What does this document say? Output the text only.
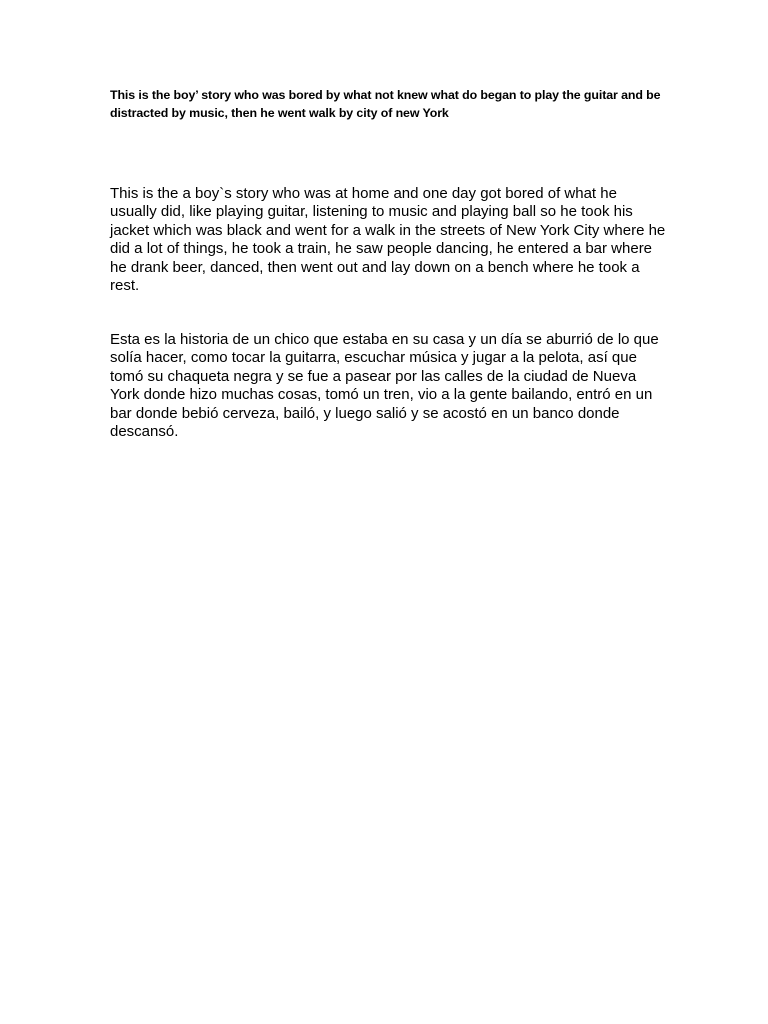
This is the boy’ story who was bored by what not knew what do began to play the guitar and be distracted by music, then he went walk by city of new York

This is the a boy`s story who was at home and one day got bored of what he usually did, like playing guitar, listening to music and playing ball so he took his jacket which was black and went for a walk in the streets of New York City where he did a lot of things, he took a train, he saw people dancing, he entered a bar where he drank beer, danced, then went out and lay down on a bench where he took a rest.

Esta es la historia de un chico que estaba en su casa y un día se aburrió de lo que solía hacer, como tocar la guitarra, escuchar música y jugar a la pelota, así que tomó su chaqueta negra y se fue a pasear por las calles de la ciudad de Nueva York donde hizo muchas cosas, tomó un tren, vio a la gente bailando, entró en un bar donde bebió cerveza, bailó, y luego salió y se acostó en un banco donde descansó.
